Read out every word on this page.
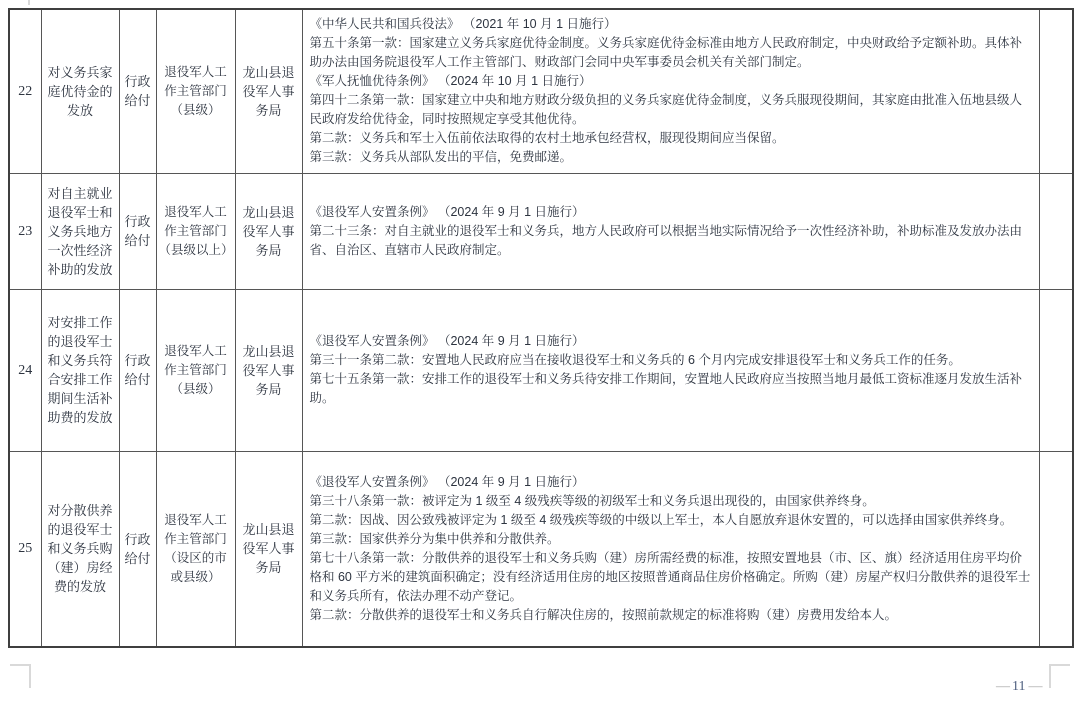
22	对义务兵家庭优待金的发放	行政给付	退役军人工作主管部门（县级）	龙山县退役军人事务局	
《中华人民共和国兵役法》 （2021 年 10 月 1 日施行）
第五十条第一款：国家建立义务兵家庭优待金制度。义务兵家庭优待金标准由地方人民政府制定，中央财政给予定额补助。具体补助办法由国务院退役军人工作主管部门、财政部门会同中央军事委员会机关有关部门制定。
《军人抚恤优待条例》 （2024 年 10 月 1 日施行）
第四十二条第一款：国家建立中央和地方财政分级负担的义务兵家庭优待金制度，义务兵服现役期间，其家庭由批准入伍地县级人民政府发给优待金，同时按照规定享受其他优待。
第二款：义务兵和军士入伍前依法取得的农村土地承包经营权，服现役期间应当保留。
第三款：义务兵从部队发出的平信，免费邮递。

23	对自主就业退役军士和义务兵地方一次性经济补助的发放	行政给付	退役军人工作主管部门（县级以上）	龙山县退役军人事务局	《退役军人安置条例》 （2024 年 9 月 1 日施行）
第二十三条：对自主就业的退役军士和义务兵，地方人民政府可以根据当地实际情况给予一次性经济补助，补助标准及发放办法由省、自治区、直辖市人民政府制定。	

24	对安排工作的退役军士和义务兵符合安排工作期间生活补助费的发放	行政给付	退役军人工作主管部门（县级）	龙山县退役军人事务局	《退役军人安置条例》 （2024 年 9 月 1 日施行）
第三十一条第二款：安置地人民政府应当在接收退役军士和义务兵的 6 个月内完成安排退役军士和义务兵工作的任务。
第七十五条第一款：安排工作的退役军士和义务兵待安排工作期间，安置地人民政府应当按照当地月最低工资标准逐月发放生活补助。	

25	对分散供养的退役军士和义务兵购（建）房经费的发放	行政给付	退役军人工作主管部门（设区的市或县级）	龙山县退役军人事务局	
《退役军人安置条例》 （2024 年 9 月 1 日施行）
第三十八条第一款：被评定为 1 级至 4 级残疾等级的初级军士和义务兵退出现役的，由国家供养终身。
第二款：因战、因公致残被评定为 1 级至 4 级残疾等级的中级以上军士，本人自愿放弃退休安置的，可以选择由国家供养终身。
第三款：国家供养分为集中供养和分散供养。
第七十八条第一款：分散供养的退役军士和义务兵购（建）房所需经费的标准，按照安置地县（市、区、旗）经济适用住房平均价格和 60 平方米的建筑面积确定；没有经济适用住房的地区按照普通商品住房价格确定。所购（建）房屋产权归分散供养的退役军士和义务兵所有，依法办理不动产登记。
第二款：分散供养的退役军士和义务兵自行解决住房的，按照前款规定的标准将购（建）房费用发给本人。

— 11 —
